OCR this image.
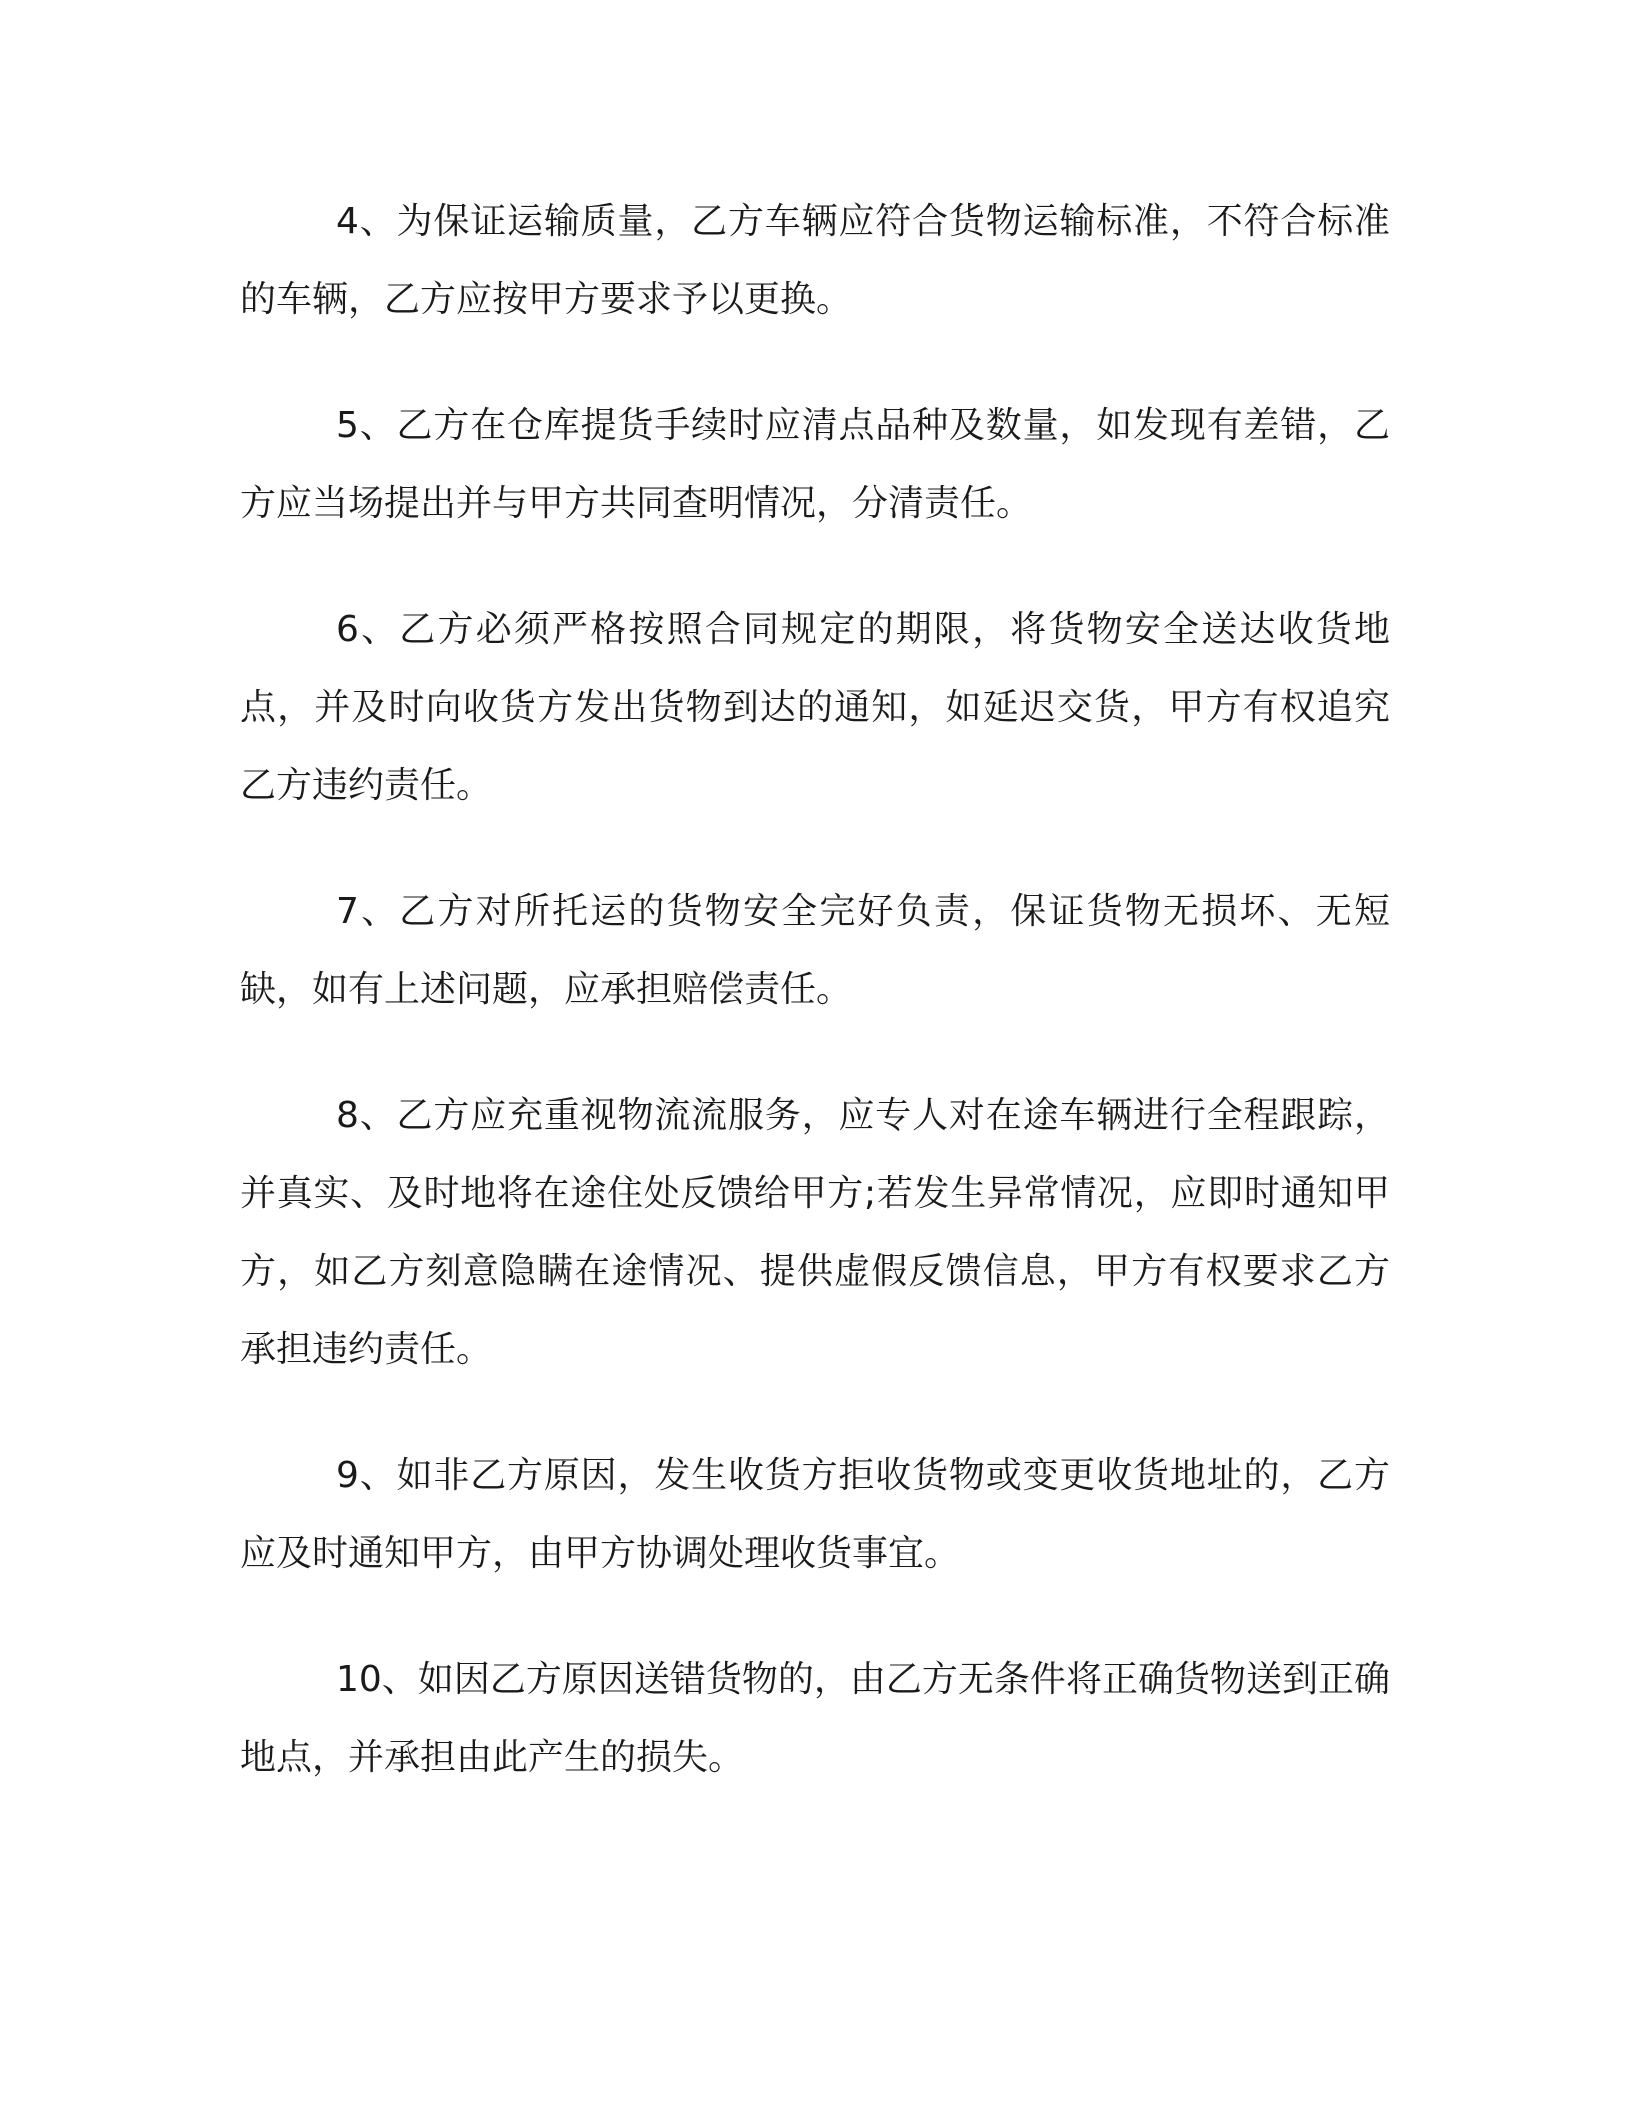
4、为保证运输质量，乙方车辆应符合货物运输标准，不符合标准的车辆，乙方应按甲方要求予以更换。

5、乙方在仓库提货手续时应清点品种及数量，如发现有差错，乙方应当场提出并与甲方共同查明情况，分清责任。

6、乙方必须严格按照合同规定的期限，将货物安全送达收货地点，并及时向收货方发出货物到达的通知，如延迟交货，甲方有权追究乙方违约责任。

7、乙方对所托运的货物安全完好负责，保证货物无损坏、无短缺，如有上述问题，应承担赔偿责任。

8、乙方应充重视物流流服务，应专人对在途车辆进行全程跟踪，并真实、及时地将在途住处反馈给甲方;若发生异常情况，应即时通知甲方，如乙方刻意隐瞒在途情况、提供虚假反馈信息，甲方有权要求乙方承担违约责任。

9、如非乙方原因，发生收货方拒收货物或变更收货地址的，乙方应及时通知甲方，由甲方协调处理收货事宜。

10、如因乙方原因送错货物的，由乙方无条件将正确货物送到正确地点，并承担由此产生的损失。
